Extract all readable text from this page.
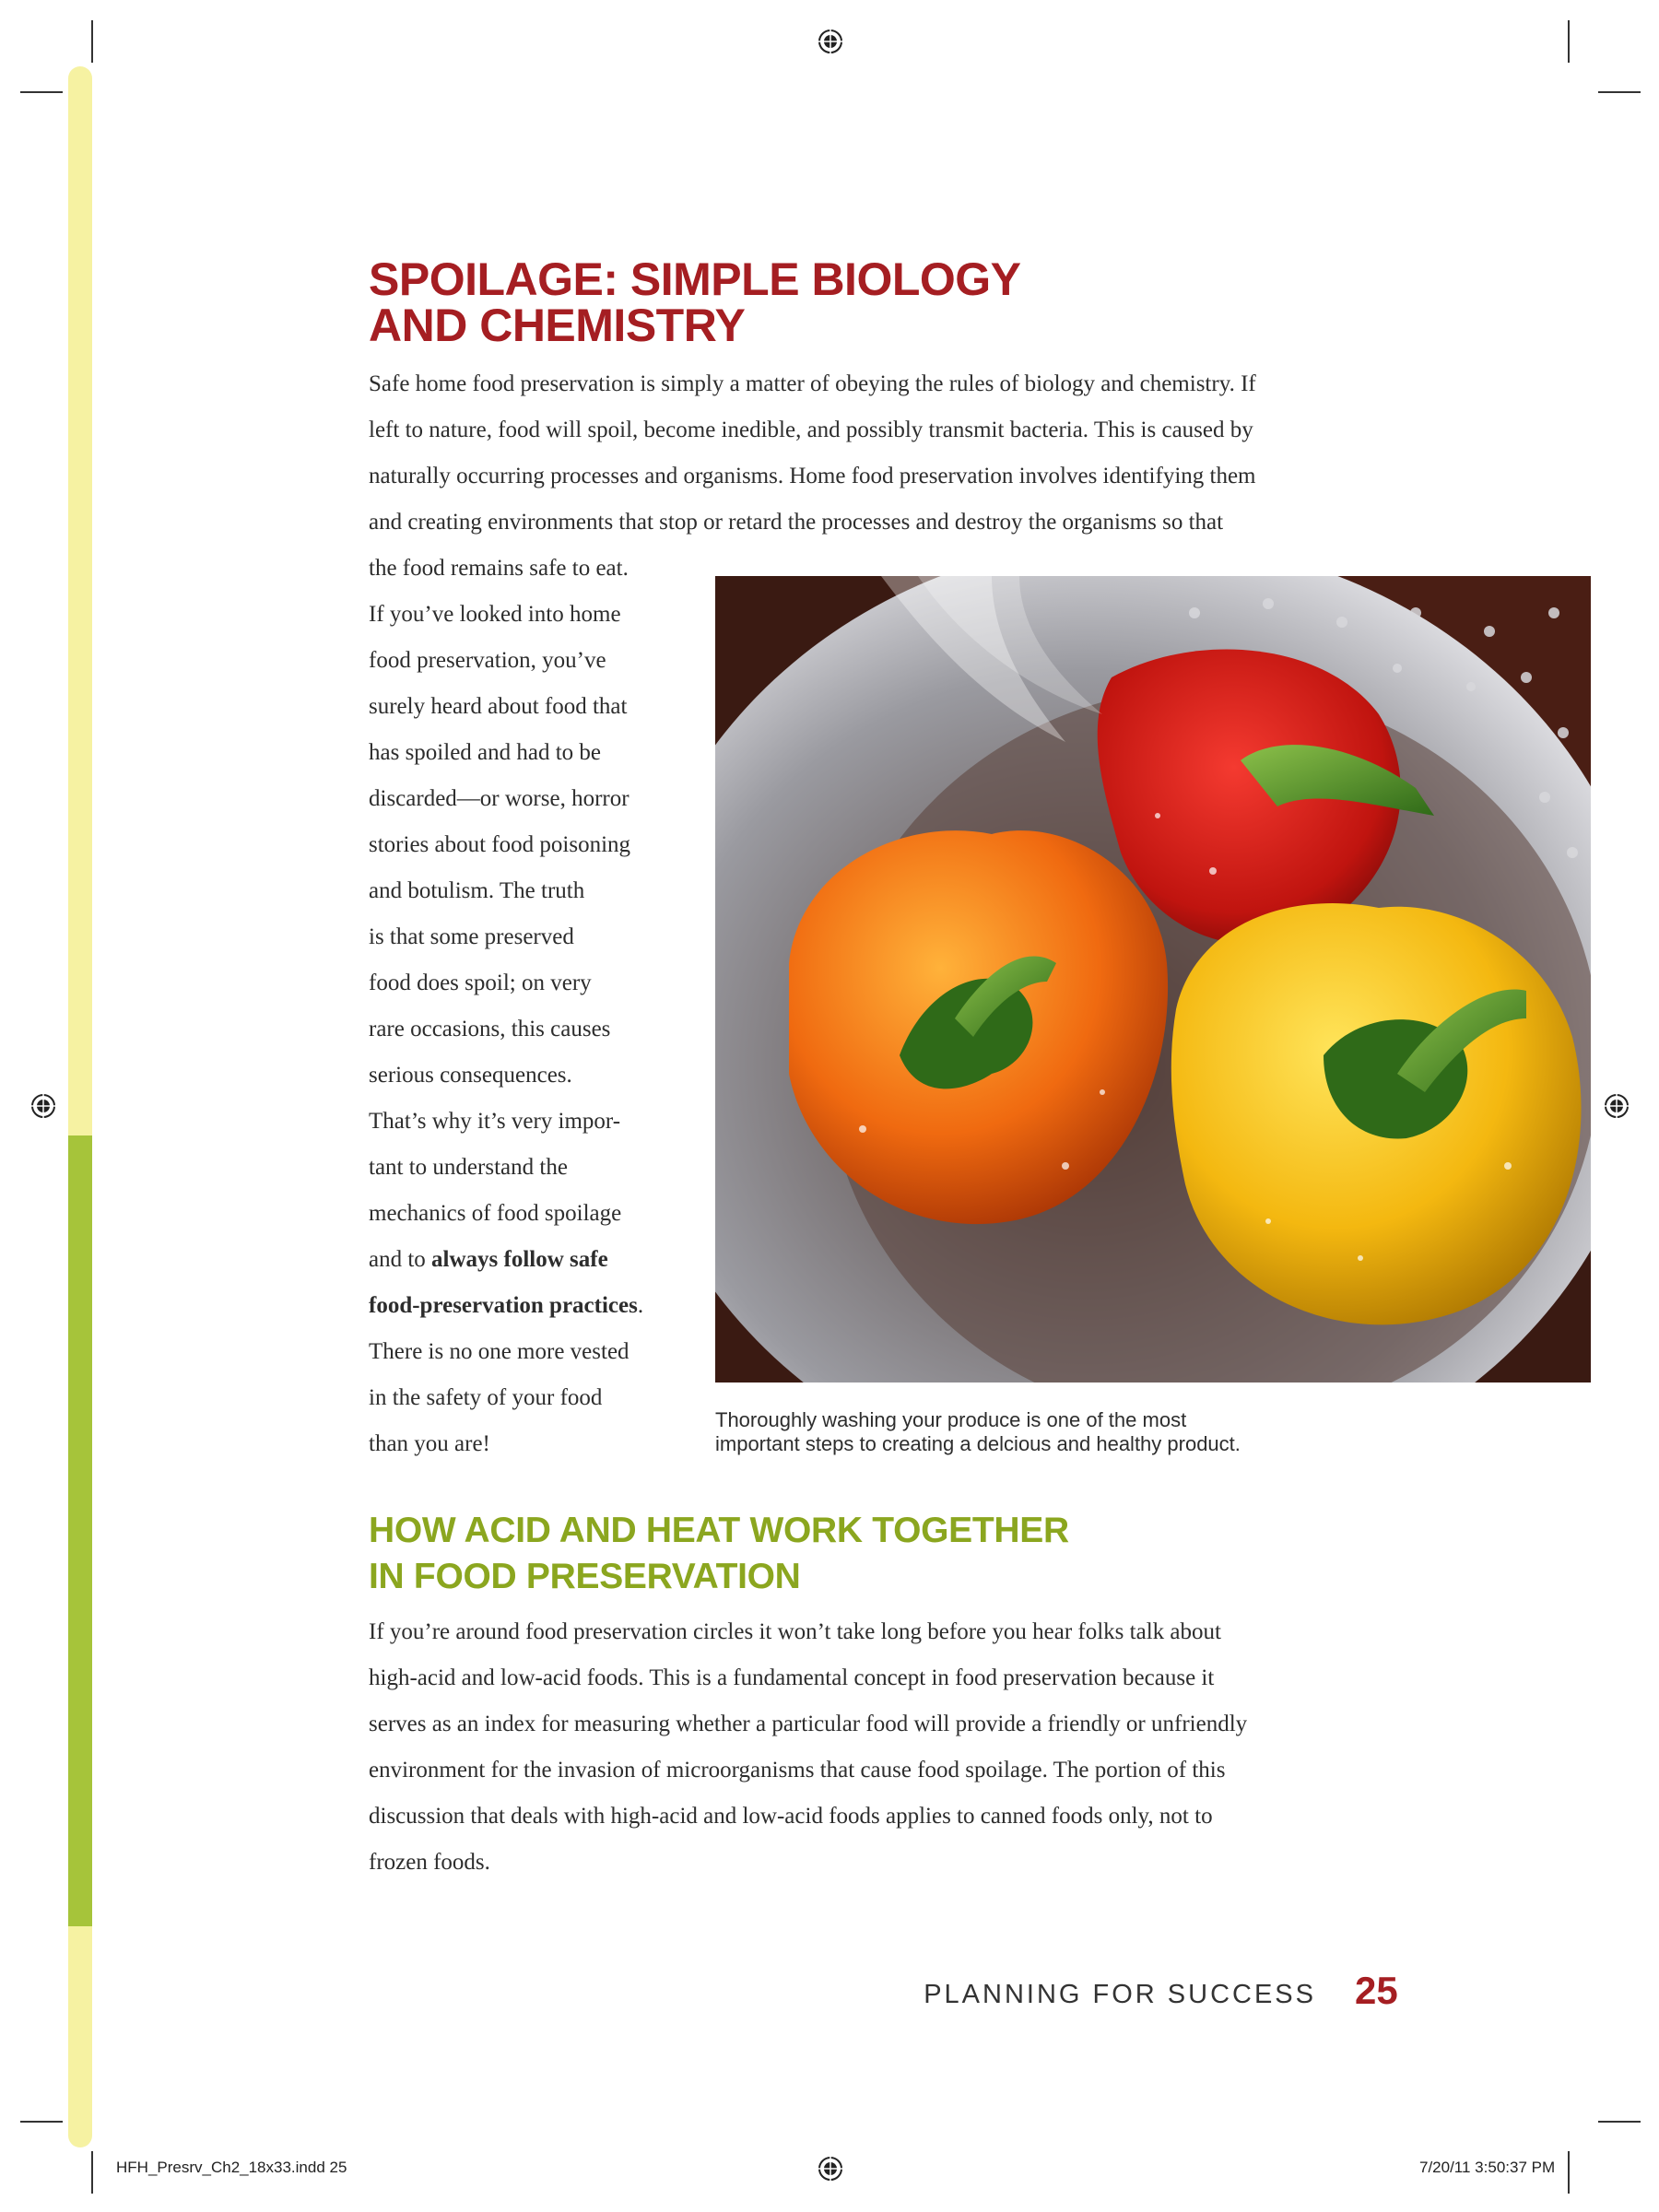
SPOILAGE: SIMPLE BIOLOGY
AND CHEMISTRY
Safe home food preservation is simply a matter of obeying the rules of biology and chemistry. If
left to nature, food will spoil, become inedible, and possibly transmit bacteria. This is caused by
naturally occurring processes and organisms. Home food preservation involves identifying them
and creating environments that stop or retard the processes and destroy the organisms so that
the food remains safe to eat.
If you’ve looked into home
food preservation, you’ve
surely heard about food that
has spoiled and had to be
discarded—or worse, horror
stories about food poisoning
and botulism. The truth
is that some preserved
food does spoil; on very
rare occasions, this causes
serious consequences.
That’s why it’s very impor-
tant to understand the
mechanics of food spoilage
and to always follow safe
food-preservation practices.
There is no one more vested
in the safety of your food
than you are!
Thoroughly washing your produce is one of the most
important steps to creating a delcious and healthy product.
HOW ACID AND HEAT WORK TOGETHER
IN FOOD PRESERVATION
If you’re around food preservation circles it won’t take long before you hear folks talk about
high-acid and low-acid foods. This is a fundamental concept in food preservation because it
serves as an index for measuring whether a particular food will provide a friendly or unfriendly
environment for the invasion of microorganisms that cause food spoilage. The portion of this
discussion that deals with high-acid and low-acid foods applies to canned foods only, not to
frozen foods.
PLANNING FOR SUCCESS 25
HFH_Presrv_Ch2_18x33.indd 25	7/20/11 3:50:37 PM
